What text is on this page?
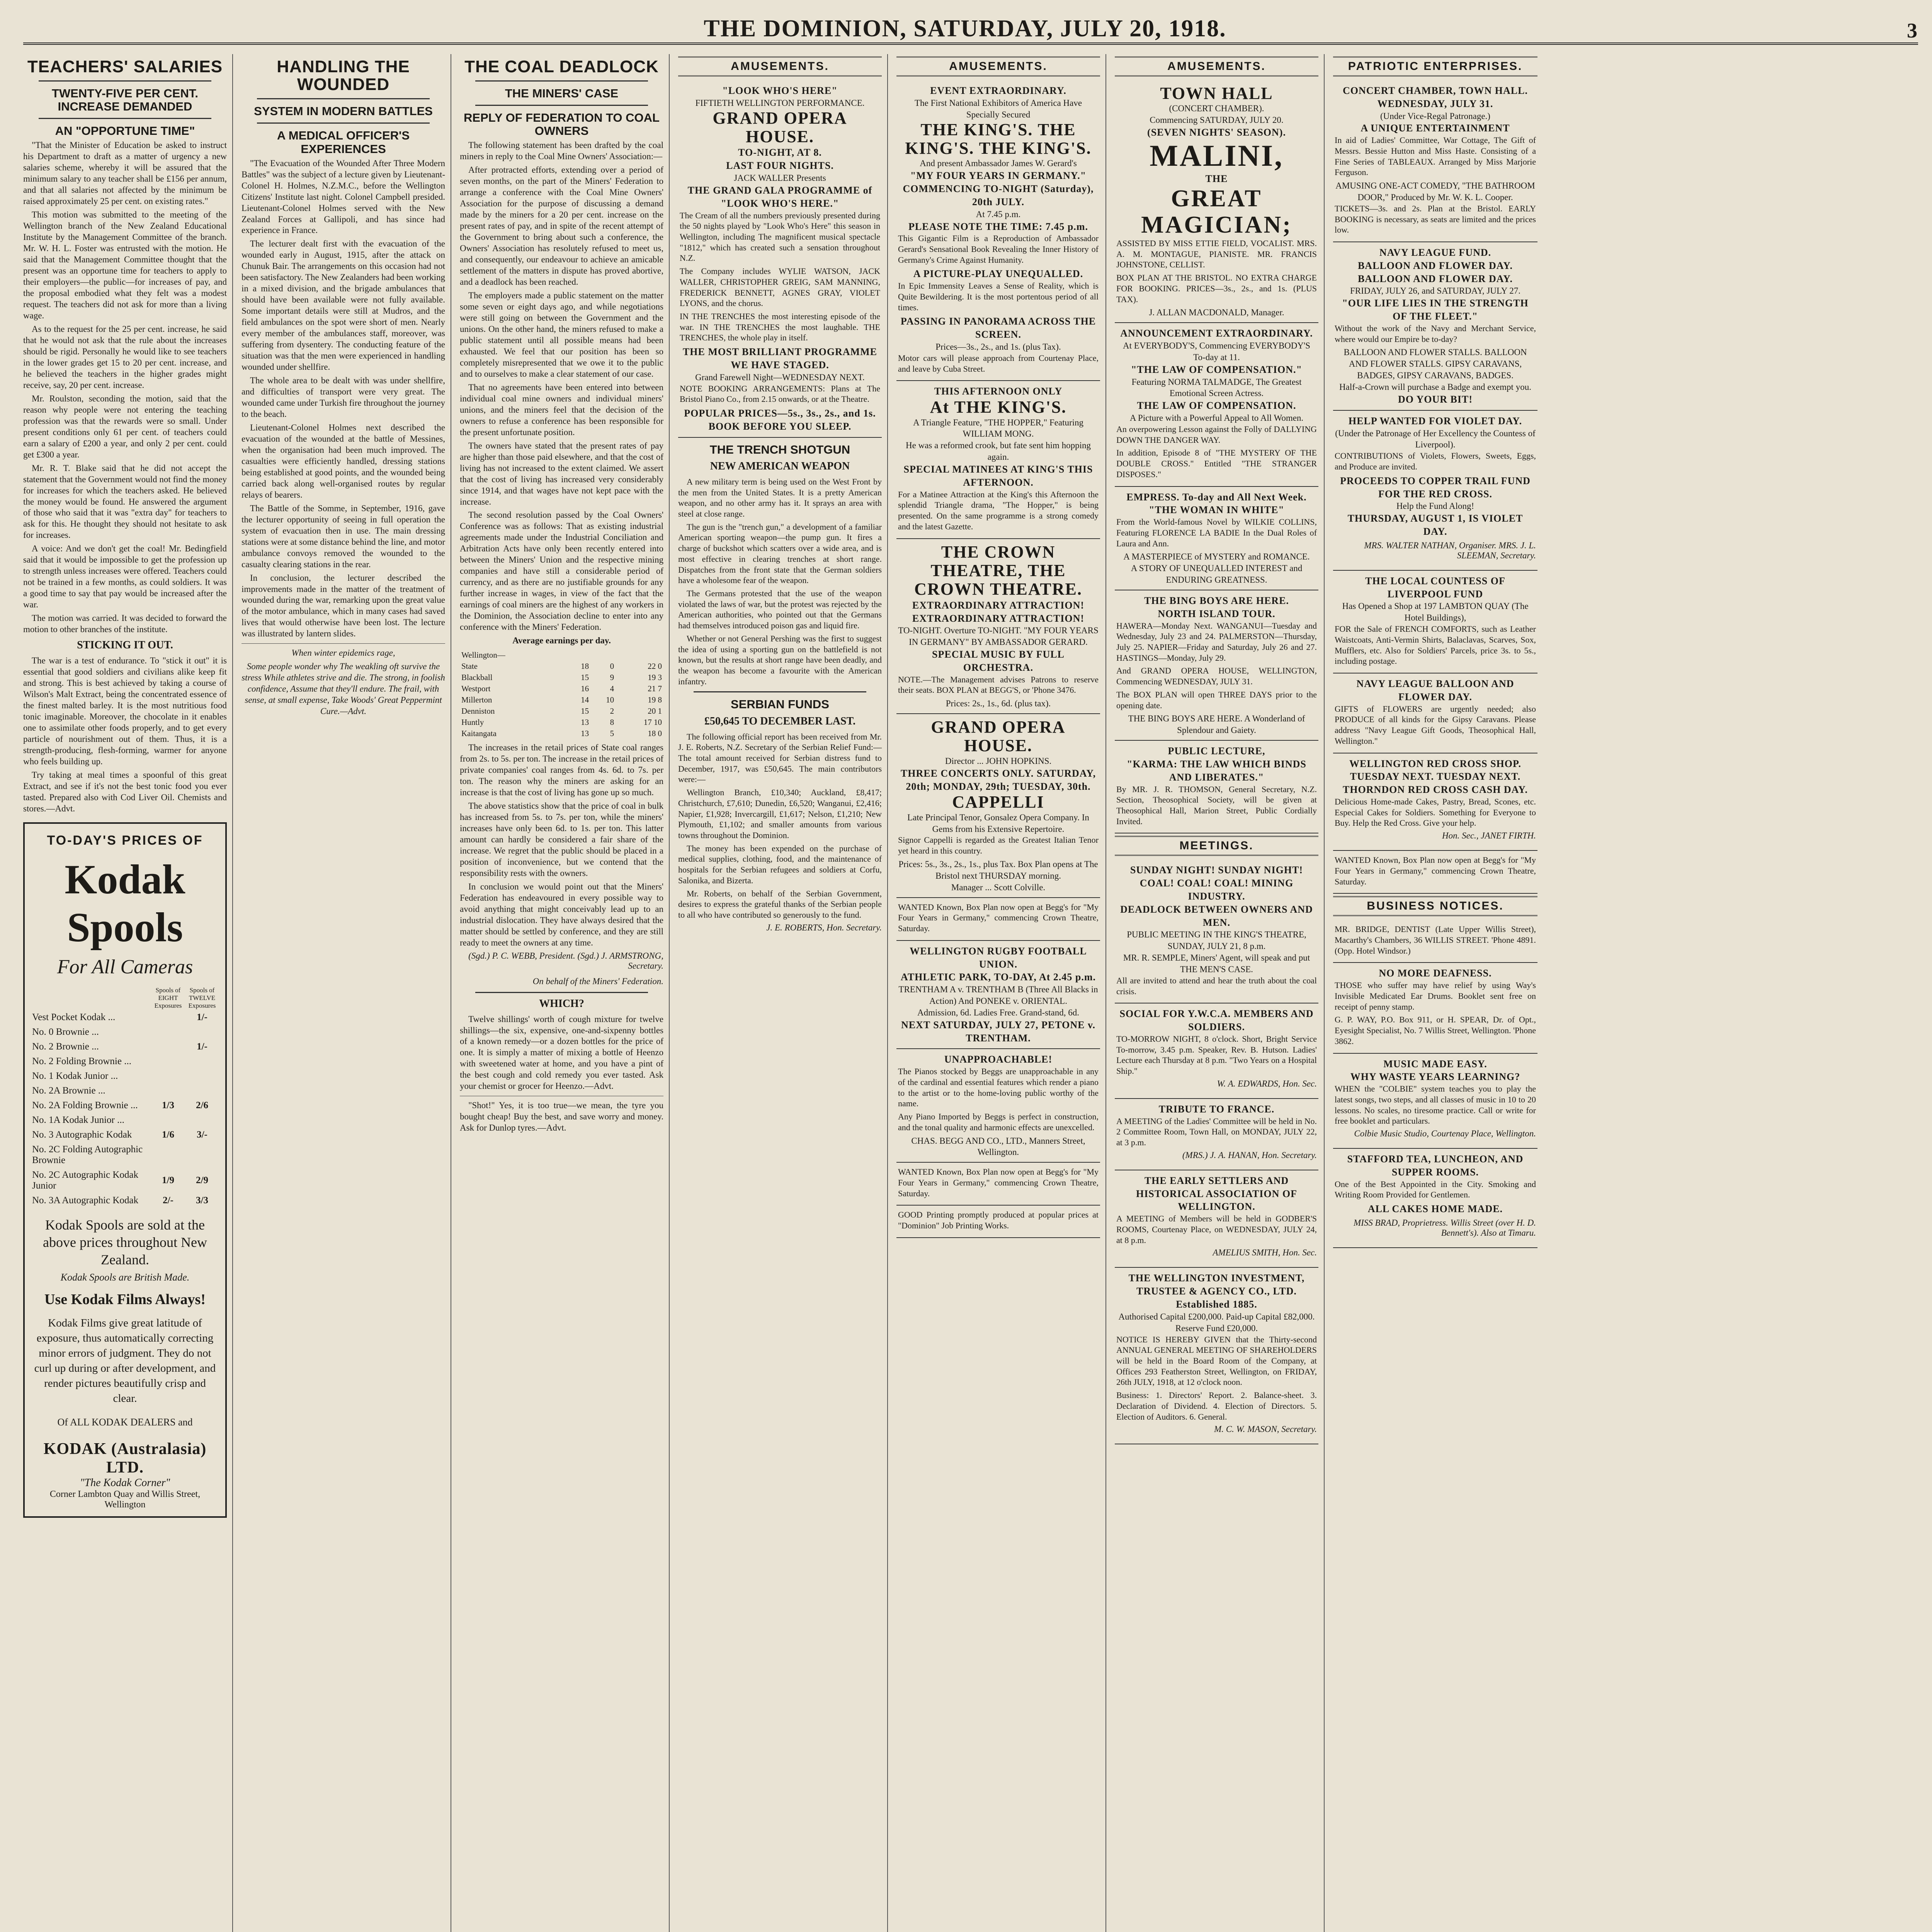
THE DOMINION, SATURDAY, JULY 20, 1918.	3
TEACHERS' SALARIES
TWENTY-FIVE PER CENT. INCREASE DEMANDED
AN "OPPORTUNE TIME"

"That the Minister of Education be asked to instruct his Department to draft as a matter of urgency a new salaries scheme, whereby it will be assured that the minimum salary to any teacher shall be £156 per annum, and that all salaries not affected by the minimum be raised approximately 25 per cent. on existing rates."

This motion was submitted to the meeting of the Wellington branch of the New Zealand Educational Institute by the Management Committee of the branch. Mr. W. H. L. Foster was entrusted with the motion. He said that the Management Committee thought that the present was an opportune time for teachers to apply to their employers—the public—for increases of pay, and the proposal embodied what they felt was a modest request. The teachers did not ask for more than a living wage.

As to the request for the 25 per cent. increase, he said that he would not ask that the rule about the increases should be rigid. Personally he would like to see teachers in the lower grades get 15 to 20 per cent. increase, and he believed the teachers in the higher grades might receive, say, 20 per cent. increase.

Mr. Roulston, seconding the motion, said that the reason why people were not entering the teaching profession was that the rewards were so small. Under present conditions only 61 per cent. of teachers could earn a salary of £200 a year, and only 2 per cent. could get £300 a year.

Mr. R. T. Blake said that he did not accept the statement that the Government would not find the money for increases for which the teachers asked. He believed the money would be found. He answered the argument of those who said that it was "extra day" for teachers to ask for this. He thought they should not hesitate to ask for increases.

A voice: And we don't get the coal! Mr. Bedingfield said that it would be impossible to get the profession up to strength unless increases were offered. Teachers could not be trained in a few months, as could soldiers. It was a good time to say that pay would be increased after the war.

The motion was carried. It was decided to forward the motion to other branches of the institute.

STICKING IT OUT.

The war is a test of endurance. To "stick it out" it is essential that good soldiers and civilians alike keep fit and strong. This is best achieved by taking a course of Wilson's Malt Extract, being the concentrated essence of the finest malted barley. It is the most nutritious food tonic imaginable. Moreover, the chocolate in it enables one to assimilate other foods properly, and to get every particle of nourishment out of them. Thus, it is a strength-producing, flesh-forming, warmer for anyone who feels building up.

Try taking at meal times a spoonful of this great Extract, and see if it's not the best tonic food you ever tasted. Prepared also with Cod Liver Oil. Chemists and stores.—Advt.

TO-DAY'S PRICES OF
Kodak Spools
For All Cameras
	Spools of EIGHT Exposures	Spools of TWELVE Exposures
Vest Pocket Kodak ...		1/-
No. 0 Brownie ...		
No. 2 Brownie ...		1/-
No. 2 Folding Brownie ...		
No. 1 Kodak Junior ...		
No. 2A Brownie ...		
No. 2A Folding Brownie ...	1/3	2/6
No. 1A Kodak Junior ...		
No. 3 Autographic Kodak	1/6	3/-
No. 2C Folding Autographic Brownie		
No. 2C Autographic Kodak Junior	1/9	2/9
No. 3A Autographic Kodak	2/-	3/3
Kodak Spools are sold at the above prices throughout New Zealand.
Kodak Spools are British Made.
Use Kodak Films Always!
Kodak Films give great latitude of exposure, thus automatically correcting minor errors of judgment. They do not curl up during or after development, and render pictures beautifully crisp and clear.
Of ALL KODAK DEALERS and
KODAK (Australasia) LTD.
"The Kodak Corner"
Corner Lambton Quay and Willis Street, Wellington
HANDLING THE WOUNDED
SYSTEM IN MODERN BATTLES
A MEDICAL OFFICER'S EXPERIENCES

"The Evacuation of the Wounded After Three Modern Battles" was the subject of a lecture given by Lieutenant-Colonel H. Holmes, N.Z.M.C., before the Wellington Citizens' Institute last night. Colonel Campbell presided. Lieutenant-Colonel Holmes served with the New Zealand Forces at Gallipoli, and has since had experience in France.

The lecturer dealt first with the evacuation of the wounded early in August, 1915, after the attack on Chunuk Bair. The arrangements on this occasion had not been satisfactory. The New Zealanders had been working in a mixed division, and the brigade ambulances that should have been available were not fully available. Some important details were still at Mudros, and the field ambulances on the spot were short of men. Nearly every member of the ambulances staff, moreover, was suffering from dysentery. The conducting feature of the situation was that the men were experienced in handling wounded under shellfire.

The whole area to be dealt with was under shellfire, and difficulties of transport were very great. The wounded came under Turkish fire throughout the journey to the beach.

Lieutenant-Colonel Holmes next described the evacuation of the wounded at the battle of Messines, when the organisation had been much improved. The casualties were efficiently handled, dressing stations being established at good points, and the wounded being carried back along well-organised routes by regular relays of bearers.

The Battle of the Somme, in September, 1916, gave the lecturer opportunity of seeing in full operation the system of evacuation then in use. The main dressing stations were at some distance behind the line, and motor ambulance convoys removed the wounded to the casualty clearing stations in the rear.

In conclusion, the lecturer described the improvements made in the matter of the treatment of wounded during the war, remarking upon the great value of the motor ambulance, which in many cases had saved lives that would otherwise have been lost. The lecture was illustrated by lantern slides.

When winter epidemics rage,

Some people wonder why The weakling oft survive the stress While athletes strive and die. The strong, in foolish confidence, Assume that they'll endure. The frail, with sense, at small expense, Take Woods' Great Peppermint Cure.—Advt.

THE COAL DEADLOCK
THE MINERS' CASE
REPLY OF FEDERATION TO COAL OWNERS

The following statement has been drafted by the coal miners in reply to the Coal Mine Owners' Association:—

After protracted efforts, extending over a period of seven months, on the part of the Miners' Federation to arrange a conference with the Coal Mine Owners' Association for the purpose of discussing a demand made by the miners for a 20 per cent. increase on the present rates of pay, and in spite of the recent attempt of the Government to bring about such a conference, the Owners' Association has resolutely refused to meet us, and consequently, our endeavour to achieve an amicable settlement of the matters in dispute has proved abortive, and a deadlock has been reached.

The employers made a public statement on the matter some seven or eight days ago, and while negotiations were still going on between the Government and the unions. On the other hand, the miners refused to make a public statement until all possible means had been exhausted. We feel that our position has been so completely misrepresented that we owe it to the public and to ourselves to make a clear statement of our case.

That no agreements have been entered into between individual coal mine owners and individual miners' unions, and the miners feel that the decision of the owners to refuse a conference has been responsible for the present unfortunate position.

The owners have stated that the present rates of pay are higher than those paid elsewhere, and that the cost of living has not increased to the extent claimed. We assert that the cost of living has increased very considerably since 1914, and that wages have not kept pace with the increase.

The second resolution passed by the Coal Owners' Conference was as follows: That as existing industrial agreements made under the Industrial Conciliation and Arbitration Acts have only been recently entered into between the Miners' Union and the respective mining companies and have still a considerable period of currency, and as there are no justifiable grounds for any further increase in wages, in view of the fact that the earnings of coal miners are the highest of any workers in the Dominion, the Association decline to enter into any conference with the Miners' Federation.

Average earnings per day.

Wellington—			
State	18	0	22 0
Blackball	15	9	19 3
Westport	16	4	21 7
Millerton	14	10	19 8
Denniston	15	2	20 1
Huntly	13	8	17 10
Kaitangata	13	5	18 0

The increases in the retail prices of State coal ranges from 2s. to 5s. per ton. The increase in the retail prices of private companies' coal ranges from 4s. 6d. to 7s. per ton. The reason why the miners are asking for an increase is that the cost of living has gone up so much.

The above statistics show that the price of coal in bulk has increased from 5s. to 7s. per ton, while the miners' increases have only been 6d. to 1s. per ton. This latter amount can hardly be considered a fair share of the increase. We regret that the public should be placed in a position of inconvenience, but we contend that the responsibility rests with the owners.

In conclusion we would point out that the Miners' Federation has endeavoured in every possible way to avoid anything that might conceivably lead up to an industrial dislocation. They have always desired that the matter should be settled by conference, and they are still ready to meet the owners at any time.

(Sgd.) P. C. WEBB, President. (Sgd.) J. ARMSTRONG, Secretary.
On behalf of the Miners' Federation.
WHICH?

Twelve shillings' worth of cough mixture for twelve shillings—the six, expensive, one-and-sixpenny bottles of a known remedy—or a dozen bottles for the price of one. It is simply a matter of mixing a bottle of Heenzo with sweetened water at home, and you have a pint of the best cough and cold remedy you ever tasted. Ask your chemist or grocer for Heenzo.—Advt.

"Shot!" Yes, it is too true—we mean, the tyre you bought cheap! Buy the best, and save worry and money. Ask for Dunlop tyres.—Advt.

AMUSEMENTS.
"LOOK WHO'S HERE"
FIFTIETH WELLINGTON PERFORMANCE.
GRAND OPERA HOUSE.
TO-NIGHT, AT 8.
LAST FOUR NIGHTS.
JACK WALLER Presents
THE GRAND GALA PROGRAMME of "LOOK WHO'S HERE."

The Cream of all the numbers previously presented during the 50 nights played by "Look Who's Here" this season in Wellington, including The magnificent musical spectacle "1812," which has created such a sensation throughout N.Z.

The Company includes WYLIE WATSON, JACK WALLER, CHRISTOPHER GREIG, SAM MANNING, FREDERICK BENNETT, AGNES GRAY, VIOLET LYONS, and the chorus.

IN THE TRENCHES the most interesting episode of the war. IN THE TRENCHES the most laughable. THE TRENCHES, the whole play in itself.

THE MOST BRILLIANT PROGRAMME WE HAVE STAGED.
Grand Farewell Night—WEDNESDAY NEXT.

NOTE BOOKING ARRANGEMENTS: Plans at The Bristol Piano Co., from 2.15 onwards, or at the Theatre.

POPULAR PRICES—5s., 3s., 2s., and 1s.
BOOK BEFORE YOU SLEEP.
THE TRENCH SHOTGUN
NEW AMERICAN WEAPON

A new military term is being used on the West Front by the men from the United States. It is a pretty American weapon, and no other army has it. It sprays an area with steel at close range.

The gun is the "trench gun," a development of a familiar American sporting weapon—the pump gun. It fires a charge of buckshot which scatters over a wide area, and is most effective in clearing trenches at short range. Dispatches from the front state that the German soldiers have a wholesome fear of the weapon.

The Germans protested that the use of the weapon violated the laws of war, but the protest was rejected by the American authorities, who pointed out that the Germans had themselves introduced poison gas and liquid fire.

Whether or not General Pershing was the first to suggest the idea of using a sporting gun on the battlefield is not known, but the results at short range have been deadly, and the weapon has become a favourite with the American infantry.

SERBIAN FUNDS
£50,645 TO DECEMBER LAST.

The following official report has been received from Mr. J. E. Roberts, N.Z. Secretary of the Serbian Relief Fund:— The total amount received for Serbian distress fund to December, 1917, was £50,645. The main contributors were:—

Wellington Branch, £10,340; Auckland, £8,417; Christchurch, £7,610; Dunedin, £6,520; Wanganui, £2,416; Napier, £1,928; Invercargill, £1,617; Nelson, £1,210; New Plymouth, £1,102; and smaller amounts from various towns throughout the Dominion.

The money has been expended on the purchase of medical supplies, clothing, food, and the maintenance of hospitals for the Serbian refugees and soldiers at Corfu, Salonika, and Bizerta.

Mr. Roberts, on behalf of the Serbian Government, desires to express the grateful thanks of the Serbian people to all who have contributed so generously to the fund.

J. E. ROBERTS, Hon. Secretary.
AMUSEMENTS.
EVENT EXTRAORDINARY.
The First National Exhibitors of America Have Specially Secured
THE KING'S. THE KING'S. THE KING'S.
And present Ambassador James W. Gerard's
"MY FOUR YEARS IN GERMANY."
COMMENCING TO-NIGHT (Saturday), 20th JULY.
At 7.45 p.m.
PLEASE NOTE THE TIME: 7.45 p.m.

This Gigantic Film is a Reproduction of Ambassador Gerard's Sensational Book Revealing the Inner History of Germany's Crime Against Humanity.

A PICTURE-PLAY UNEQUALLED.

In Epic Immensity Leaves a Sense of Reality, which is Quite Bewildering. It is the most portentous period of all times.

PASSING IN PANORAMA ACROSS THE SCREEN.
Prices—3s., 2s., and 1s. (plus Tax).

Motor cars will please approach from Courtenay Place, and leave by Cuba Street.

THIS AFTERNOON ONLY
At THE KING'S.
A Triangle Feature, "THE HOPPER," Featuring WILLIAM MONG.
He was a reformed crook, but fate sent him hopping again.
SPECIAL MATINEES AT KING'S THIS AFTERNOON.

For a Matinee Attraction at the King's this Afternoon the splendid Triangle drama, "The Hopper," is being presented. On the same programme is a strong comedy and the latest Gazette.

THE CROWN THEATRE, THE CROWN THEATRE.
EXTRAORDINARY ATTRACTION! EXTRAORDINARY ATTRACTION!
TO-NIGHT. Overture TO-NIGHT. "MY FOUR YEARS IN GERMANY" BY AMBASSADOR GERARD.
SPECIAL MUSIC BY FULL ORCHESTRA.

NOTE.—The Management advises Patrons to reserve their seats. BOX PLAN at BEGG'S, or 'Phone 3476.

Prices: 2s., 1s., 6d. (plus tax).
GRAND OPERA HOUSE.
Director ... JOHN HOPKINS.
THREE CONCERTS ONLY. SATURDAY, 20th; MONDAY, 29th; TUESDAY, 30th.
CAPPELLI
Late Principal Tenor, Gonsalez Opera Company. In Gems from his Extensive Repertoire.

Signor Cappelli is regarded as the Greatest Italian Tenor yet heard in this country.

Prices: 5s., 3s., 2s., 1s., plus Tax. Box Plan opens at The Bristol next THURSDAY morning.
Manager ... Scott Colville.

WANTED Known, Box Plan now open at Begg's for "My Four Years in Germany," commencing Crown Theatre, Saturday.

WELLINGTON RUGBY FOOTBALL UNION.
ATHLETIC PARK, TO-DAY, At 2.45 p.m.
TRENTHAM A v. TRENTHAM B (Three All Blacks in Action) And PONEKE v. ORIENTAL.
Admission, 6d. Ladies Free. Grand-stand, 6d.
NEXT SATURDAY, JULY 27, PETONE v. TRENTHAM.
UNAPPROACHABLE!

The Pianos stocked by Beggs are unapproachable in any of the cardinal and essential features which render a piano to the artist or to the home-loving public worthy of the name.

Any Piano Imported by Beggs is perfect in construction, and the tonal quality and harmonic effects are unexcelled.

CHAS. BEGG AND CO., LTD., Manners Street, Wellington.

WANTED Known, Box Plan now open at Begg's for "My Four Years in Germany," commencing Crown Theatre, Saturday.

GOOD Printing promptly produced at popular prices at "Dominion" Job Printing Works.

AMUSEMENTS.
TOWN HALL
(CONCERT CHAMBER).
Commencing SATURDAY, JULY 20.
(SEVEN NIGHTS' SEASON).
MALINI,
THE
GREAT MAGICIAN;

ASSISTED BY MISS ETTIE FIELD, VOCALIST. MRS. A. M. MONTAGUE, PIANISTE. MR. FRANCIS JOHNSTONE, CELLIST.

BOX PLAN AT THE BRISTOL. NO EXTRA CHARGE FOR BOOKING. PRICES—3s., 2s., and 1s. (PLUS TAX).

J. ALLAN MACDONALD, Manager.
ANNOUNCEMENT EXTRAORDINARY.
At EVERYBODY'S, Commencing EVERYBODY'S To-day at 11.
"THE LAW OF COMPENSATION."
Featuring NORMA TALMADGE, The Greatest Emotional Screen Actress.
THE LAW OF COMPENSATION.
A Picture with a Powerful Appeal to All Women.

An overpowering Lesson against the Folly of DALLYING DOWN THE DANGER WAY.

In addition, Episode 8 of "THE MYSTERY OF THE DOUBLE CROSS." Entitled "THE STRANGER DISPOSES."

EMPRESS. To-day and All Next Week.
"THE WOMAN IN WHITE"

From the World-famous Novel by WILKIE COLLINS, Featuring FLORENCE LA BADIE In the Dual Roles of Laura and Ann.

A MASTERPIECE of MYSTERY and ROMANCE.
A STORY OF UNEQUALLED INTEREST and ENDURING GREATNESS.
THE BING BOYS ARE HERE.
NORTH ISLAND TOUR.

HAWERA—Monday Next. WANGANUI—Tuesday and Wednesday, July 23 and 24. PALMERSTON—Thursday, July 25. NAPIER—Friday and Saturday, July 26 and 27. HASTINGS—Monday, July 29.

And GRAND OPERA HOUSE, WELLINGTON, Commencing WEDNESDAY, JULY 31.

The BOX PLAN will open THREE DAYS prior to the opening date.

THE BING BOYS ARE HERE. A Wonderland of Splendour and Gaiety.
PUBLIC LECTURE,
"KARMA: THE LAW WHICH BINDS AND LIBERATES."

By MR. J. R. THOMSON, General Secretary, N.Z. Section, Theosophical Society, will be given at Theosophical Hall, Marion Street, Public Cordially Invited.

MEETINGS.
SUNDAY NIGHT! SUNDAY NIGHT! COAL! COAL! COAL! MINING INDUSTRY.
DEADLOCK BETWEEN OWNERS AND MEN.
PUBLIC MEETING IN THE KING'S THEATRE, SUNDAY, JULY 21, 8 p.m.
MR. R. SEMPLE, Miners' Agent, will speak and put THE MEN'S CASE.

All are invited to attend and hear the truth about the coal crisis.

SOCIAL FOR Y.W.C.A. MEMBERS AND SOLDIERS.

TO-MORROW NIGHT, 8 o'clock. Short, Bright Service To-morrow, 3.45 p.m. Speaker, Rev. B. Hutson. Ladies' Lecture each Thursday at 8 p.m. "Two Years on a Hospital Ship."

W. A. EDWARDS, Hon. Sec.
TRIBUTE TO FRANCE.

A MEETING of the Ladies' Committee will be held in No. 2 Committee Room, Town Hall, on MONDAY, JULY 22, at 3 p.m.

(MRS.) J. A. HANAN, Hon. Secretary.
THE EARLY SETTLERS AND HISTORICAL ASSOCIATION OF WELLINGTON.

A MEETING of Members will be held in GODBER'S ROOMS, Courtenay Place, on WEDNESDAY, JULY 24, at 8 p.m.

AMELIUS SMITH, Hon. Sec.
THE WELLINGTON INVESTMENT, TRUSTEE & AGENCY CO., LTD. Established 1885.
Authorised Capital £200,000. Paid-up Capital £82,000. Reserve Fund £20,000.

NOTICE IS HEREBY GIVEN that the Thirty-second ANNUAL GENERAL MEETING OF SHAREHOLDERS will be held in the Board Room of the Company, at Offices 293 Featherston Street, Wellington, on FRIDAY, 26th JULY, 1918, at 12 o'clock noon.

Business: 1. Directors' Report. 2. Balance-sheet. 3. Declaration of Dividend. 4. Election of Directors. 5. Election of Auditors. 6. General.

M. C. W. MASON, Secretary.
PATRIOTIC ENTERPRISES.
CONCERT CHAMBER, TOWN HALL.
WEDNESDAY, JULY 31.
(Under Vice-Regal Patronage.)
A UNIQUE ENTERTAINMENT

In aid of Ladies' Committee, War Cottage, The Gift of Messrs. Bessie Hutton and Miss Haste. Consisting of a Fine Series of TABLEAUX. Arranged by Miss Marjorie Ferguson.

AMUSING ONE-ACT COMEDY, "THE BATHROOM DOOR," Produced by Mr. W. K. L. Cooper.

TICKETS—3s. and 2s. Plan at the Bristol. EARLY BOOKING is necessary, as seats are limited and the prices low.

NAVY LEAGUE FUND.
BALLOON AND FLOWER DAY. BALLOON AND FLOWER DAY.
FRIDAY, JULY 26, and SATURDAY, JULY 27.
"OUR LIFE LIES IN THE STRENGTH OF THE FLEET."

Without the work of the Navy and Merchant Service, where would our Empire be to-day?

BALLOON AND FLOWER STALLS. BALLOON AND FLOWER STALLS. GIPSY CARAVANS, BADGES, GIPSY CARAVANS, BADGES.
Half-a-Crown will purchase a Badge and exempt you.
DO YOUR BIT!
HELP WANTED FOR VIOLET DAY.
(Under the Patronage of Her Excellency the Countess of Liverpool).

CONTRIBUTIONS of Violets, Flowers, Sweets, Eggs, and Produce are invited.

PROCEEDS TO COPPER TRAIL FUND FOR THE RED CROSS.
Help the Fund Along!
THURSDAY, AUGUST 1, IS VIOLET DAY.
MRS. WALTER NATHAN, Organiser. MRS. J. L. SLEEMAN, Secretary.
THE LOCAL COUNTESS OF LIVERPOOL FUND
Has Opened a Shop at 197 LAMBTON QUAY (The Hotel Buildings),

FOR the Sale of FRENCH COMFORTS, such as Leather Waistcoats, Anti-Vermin Shirts, Balaclavas, Scarves, Sox, Mufflers, etc. Also for Soldiers' Parcels, price 3s. to 5s., including postage.

NAVY LEAGUE BALLOON AND FLOWER DAY.

GIFTS of FLOWERS are urgently needed; also PRODUCE of all kinds for the Gipsy Caravans. Please address "Navy League Gift Goods, Theosophical Hall, Wellington."

WELLINGTON RED CROSS SHOP.
TUESDAY NEXT. TUESDAY NEXT. THORNDON RED CROSS CASH DAY.

Delicious Home-made Cakes, Pastry, Bread, Scones, etc. Especial Cakes for Soldiers. Something for Everyone to Buy. Help the Red Cross. Give your help.

Hon. Sec., JANET FIRTH.

WANTED Known, Box Plan now open at Begg's for "My Four Years in Germany," commencing Crown Theatre, Saturday.

BUSINESS NOTICES.

MR. BRIDGE, DENTIST (Late Upper Willis Street), Macarthy's Chambers, 36 WILLIS STREET. 'Phone 4891. (Opp. Hotel Windsor.)

NO MORE DEAFNESS.

THOSE who suffer may have relief by using Way's Invisible Medicated Ear Drums. Booklet sent free on receipt of penny stamp.

G. P. WAY, P.O. Box 911, or H. SPEAR, Dr. of Opt., Eyesight Specialist, No. 7 Willis Street, Wellington. 'Phone 3862.

MUSIC MADE EASY.
WHY WASTE YEARS LEARNING?

WHEN the "COLBIE" system teaches you to play the latest songs, two steps, and all classes of music in 10 to 20 lessons. No scales, no tiresome practice. Call or write for free booklet and particulars.

Colbie Music Studio, Courtenay Place, Wellington.
STAFFORD TEA, LUNCHEON, AND SUPPER ROOMS.

One of the Best Appointed in the City. Smoking and Writing Room Provided for Gentlemen.

ALL CAKES HOME MADE.
MISS BRAD, Proprietress. Willis Street (over H. D. Bennett's). Also at Timaru.
